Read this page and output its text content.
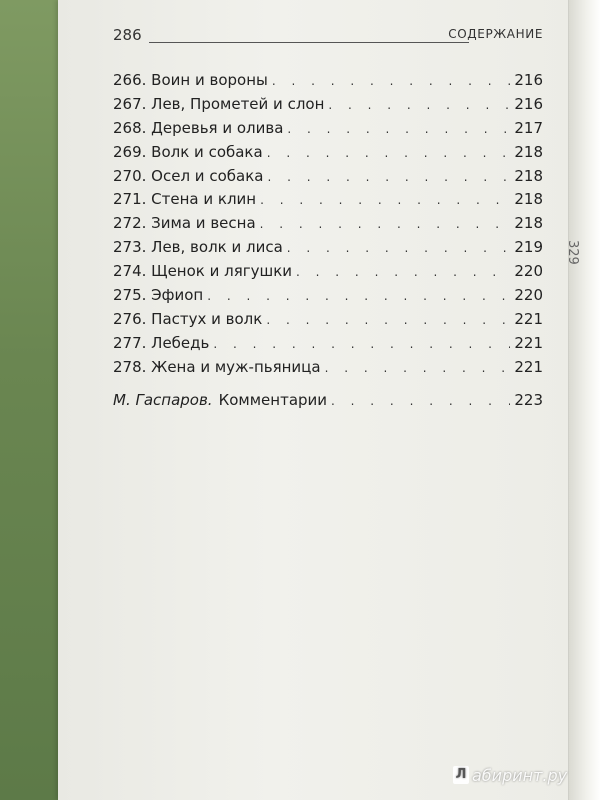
329
286	СОДЕРЖАНИЕ
266. Воин и вороны . . .	216
267. Лев, Прометей и слон . . .	216
268. Деревья и олива . . .	217
269. Волк и собака . . .	218
270. Осел и собака . . .	218
271. Стена и клин . . .	218
272. Зима и весна . . .	218
273. Лев, волк и лиса . . .	219
274. Щенок и лягушки . . .	220
275. Эфиоп . . .	220
276. Пастух и волк . . .	221
277. Лебедь . . .	221
278. Жена и муж-пьяница . . .	221
М. Гаспаров. Комментарии . . .	223
Л абиринт.ру
